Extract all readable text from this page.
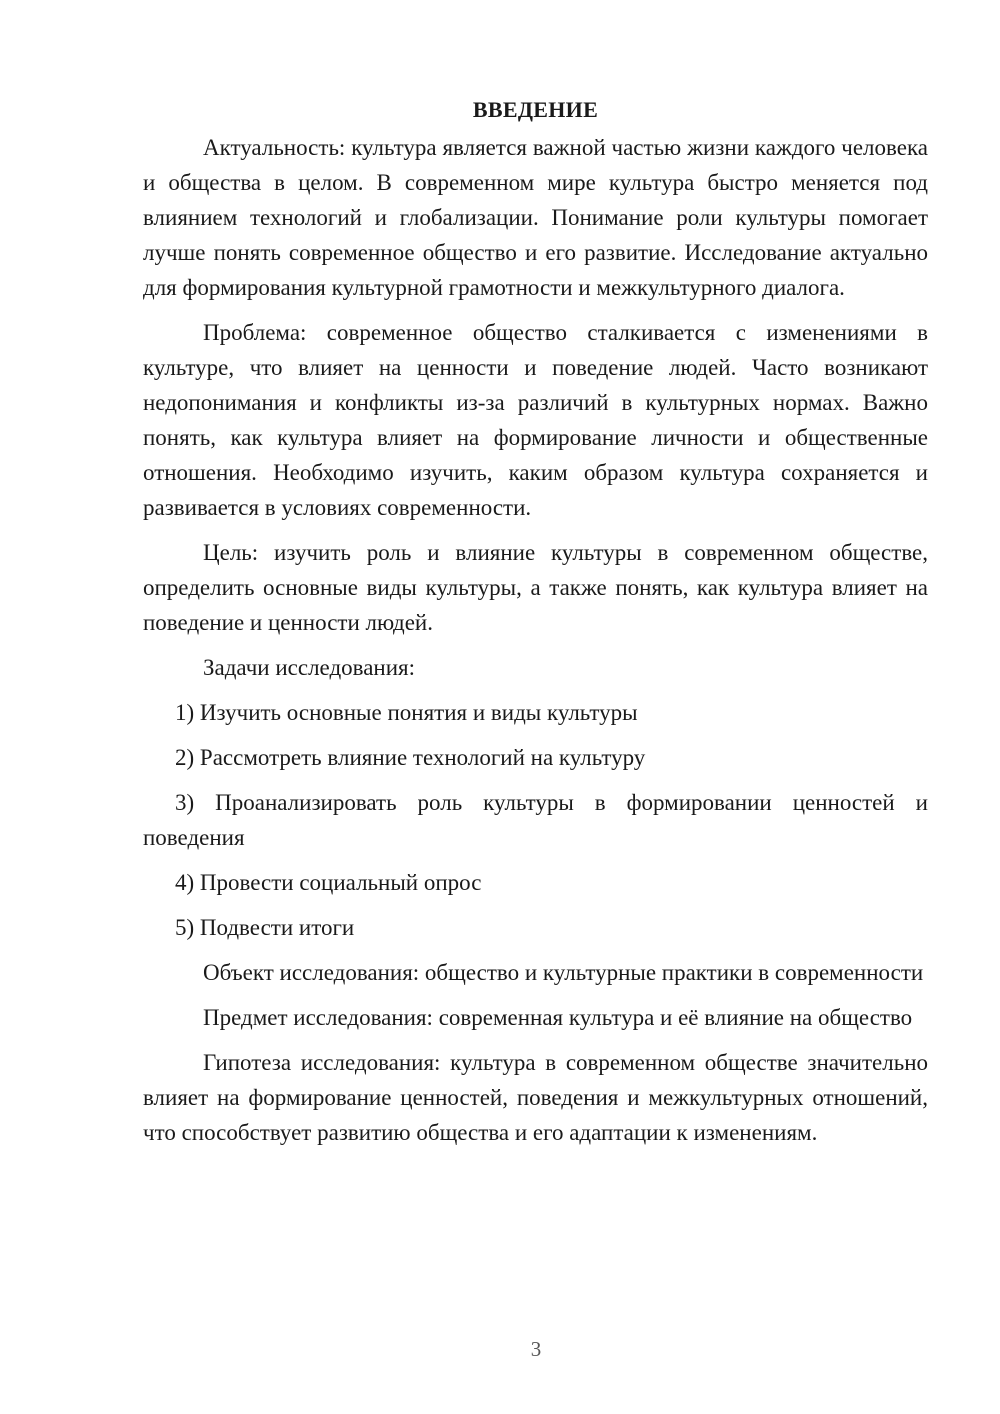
ВВЕДЕНИЕ

Актуальность: культура является важной частью жизни каждого человека и общества в целом. В современном мире культура быстро меняется под влиянием технологий и глобализации. Понимание роли культуры помогает лучше понять современное общество и его развитие. Исследование актуально для формирования культурной грамотности и межкультурного диалога.

Проблема: современное общество сталкивается с изменениями в культуре, что влияет на ценности и поведение людей. Часто возникают недопонимания и конфликты из-за различий в культурных нормах. Важно понять, как культура влияет на формирование личности и общественные отношения. Необходимо изучить, каким образом культура сохраняется и развивается в условиях современности.

Цель: изучить роль и влияние культуры в современном обществе, определить основные виды культуры, а также понять, как культура влияет на поведение и ценности людей.

Задачи исследования:

1) Изучить основные понятия и виды культуры

2) Рассмотреть влияние технологий на культуру

3) Проанализировать роль культуры в формировании ценностей и поведения

4) Провести социальный опрос

5) Подвести итоги

Объект исследования: общество и культурные практики в современности

Предмет исследования: современная культура и её влияние на общество

Гипотеза исследования: культура в современном обществе значительно влияет на формирование ценностей, поведения и межкультурных отношений, что способствует развитию общества и его адаптации к изменениям.

3
